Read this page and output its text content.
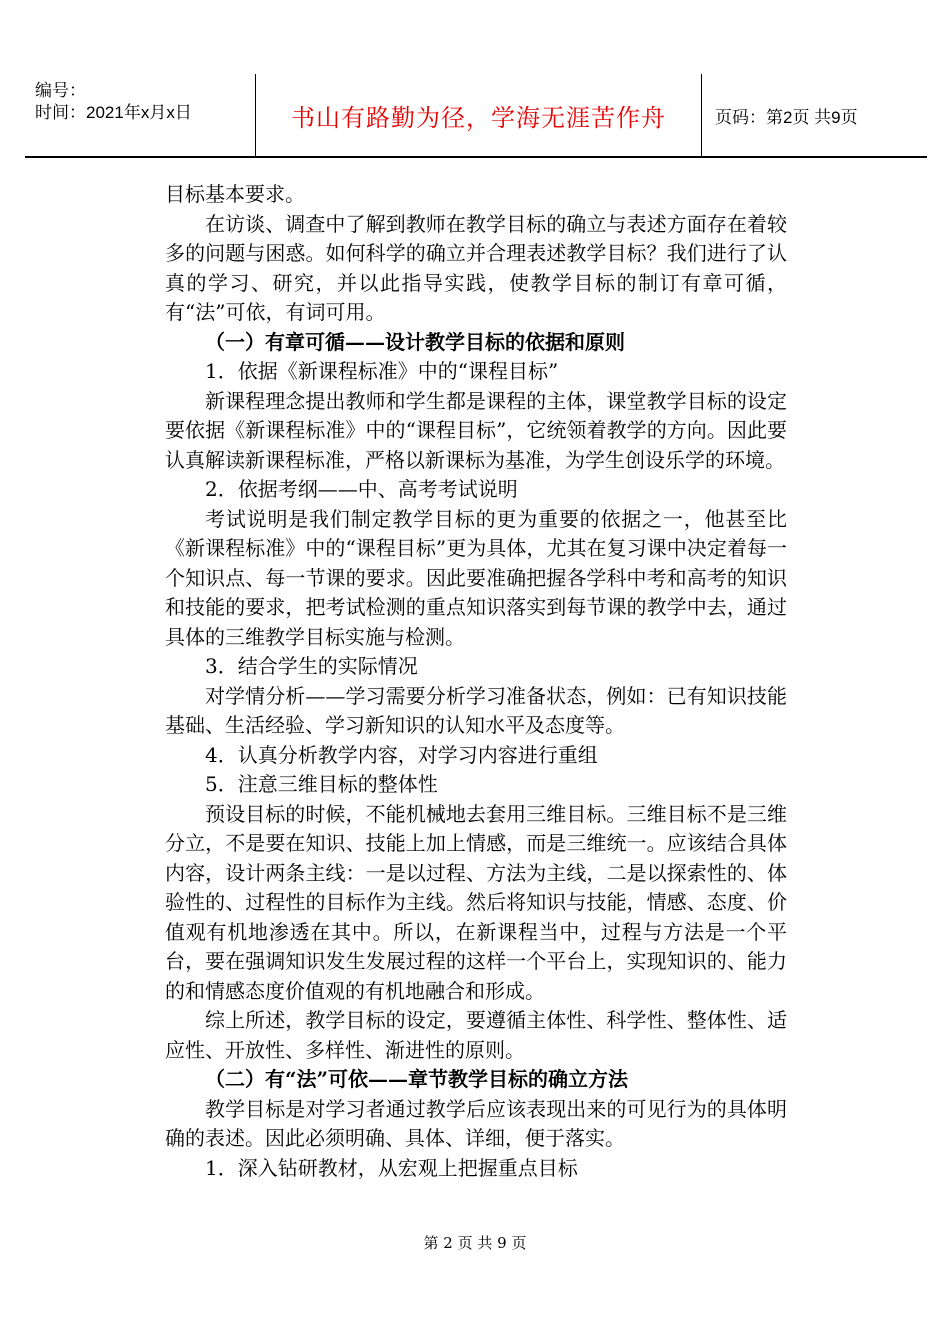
编号：
时间：2021年x月x日	书山有路勤为径，学海无涯苦作舟	页码：第2页 共9页

目标基本要求。

在访谈、调查中了解到教师在教学目标的确立与表述方面存在着较多的问题与困惑。如何科学的确立并合理表述教学目标？我们进行了认真的学习、研究，并以此指导实践，使教学目标的制订有章可循，有“法”可依，有词可用。

（一）有章可循——设计教学目标的依据和原则

1．依据《新课程标准》中的“课程目标”

新课程理念提出教师和学生都是课程的主体，课堂教学目标的设定要依据《新课程标准》中的“课程目标”，它统领着教学的方向。因此要认真解读新课程标准，严格以新课标为基准，为学生创设乐学的环境。

2．依据考纲——中、高考考试说明

考试说明是我们制定教学目标的更为重要的依据之一，他甚至比《新课程标准》中的“课程目标”更为具体，尤其在复习课中决定着每一个知识点、每一节课的要求。因此要准确把握各学科中考和高考的知识和技能的要求，把考试检测的重点知识落实到每节课的教学中去，通过具体的三维教学目标实施与检测。

3．结合学生的实际情况

对学情分析——学习需要分析学习准备状态，例如：已有知识技能基础、生活经验、学习新知识的认知水平及态度等。

4．认真分析教学内容，对学习内容进行重组

5．注意三维目标的整体性

预设目标的时候，不能机械地去套用三维目标。三维目标不是三维分立，不是要在知识、技能上加上情感，而是三维统一。应该结合具体内容，设计两条主线：一是以过程、方法为主线，二是以探索性的、体验性的、过程性的目标作为主线。然后将知识与技能，情感、态度、价值观有机地渗透在其中。所以，在新课程当中，过程与方法是一个平台，要在强调知识发生发展过程的这样一个平台上，实现知识的、能力的和情感态度价值观的有机地融合和形成。

综上所述，教学目标的设定，要遵循主体性、科学性、整体性、适应性、开放性、多样性、渐进性的原则。

（二）有“法”可依——章节教学目标的确立方法

教学目标是对学习者通过教学后应该表现出来的可见行为的具体明确的表述。因此必须明确、具体、详细，便于落实。

1．深入钻研教材，从宏观上把握重点目标

第 2 页 共 9 页
